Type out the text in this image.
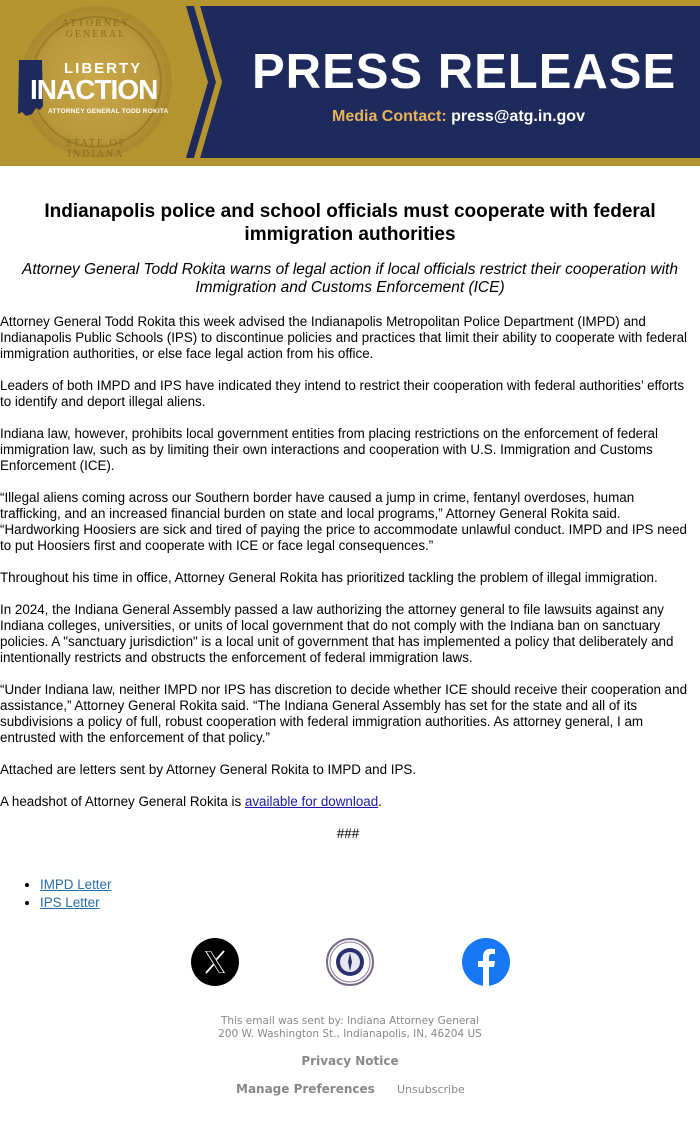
ATTORNEY GENERAL
STATE OF INDIANA
LIBERTY
INACTION
ATTORNEY GENERAL TODD ROKITA
PRESS RELEASE
Media Contact: press@atg.in.gov
Indianapolis police and school officials must cooperate with federal immigration authorities
Attorney General Todd Rokita warns of legal action if local officials restrict their cooperation with Immigration and Customs Enforcement (ICE)

Attorney General Todd Rokita this week advised the Indianapolis Metropolitan Police Department (IMPD) and Indianapolis Public Schools (IPS) to discontinue policies and practices that limit their ability to cooperate with federal immigration authorities, or else face legal action from his office.

Leaders of both IMPD and IPS have indicated they intend to restrict their cooperation with federal authorities’ efforts to identify and deport illegal aliens.

Indiana law, however, prohibits local government entities from placing restrictions on the enforcement of federal immigration law, such as by limiting their own interactions and cooperation with U.S. Immigration and Customs Enforcement (ICE).

“Illegal aliens coming across our Southern border have caused a jump in crime, fentanyl overdoses, human trafficking, and an increased financial burden on state and local programs,” Attorney General Rokita said. “Hardworking Hoosiers are sick and tired of paying the price to accommodate unlawful conduct. IMPD and IPS need to put Hoosiers first and cooperate with ICE or face legal consequences.”

Throughout his time in office, Attorney General Rokita has prioritized tackling the problem of illegal immigration.

In 2024, the Indiana General Assembly passed a law authorizing the attorney general to file lawsuits against any Indiana colleges, universities, or units of local government that do not comply with the Indiana ban on sanctuary policies. A "sanctuary jurisdiction" is a local unit of government that has implemented a policy that deliberately and intentionally restricts and obstructs the enforcement of federal immigration laws.

“Under Indiana law, neither IMPD nor IPS has discretion to decide whether ICE should receive their cooperation and assistance,” Attorney General Rokita said. “The Indiana General Assembly has set for the state and all of its subdivisions a policy of full, robust cooperation with federal immigration authorities. As attorney general, I am entrusted with the enforcement of that policy.”

Attached are letters sent by Attorney General Rokita to IMPD and IPS.

A headshot of Attorney General Rokita is available for download.

###

• IMPD Letter
• IPS Letter
This email was sent by: Indiana Attorney General
200 W. Washington St., Indianapolis, IN, 46204 US
Privacy Notice
Manage Preferences Unsubscribe
